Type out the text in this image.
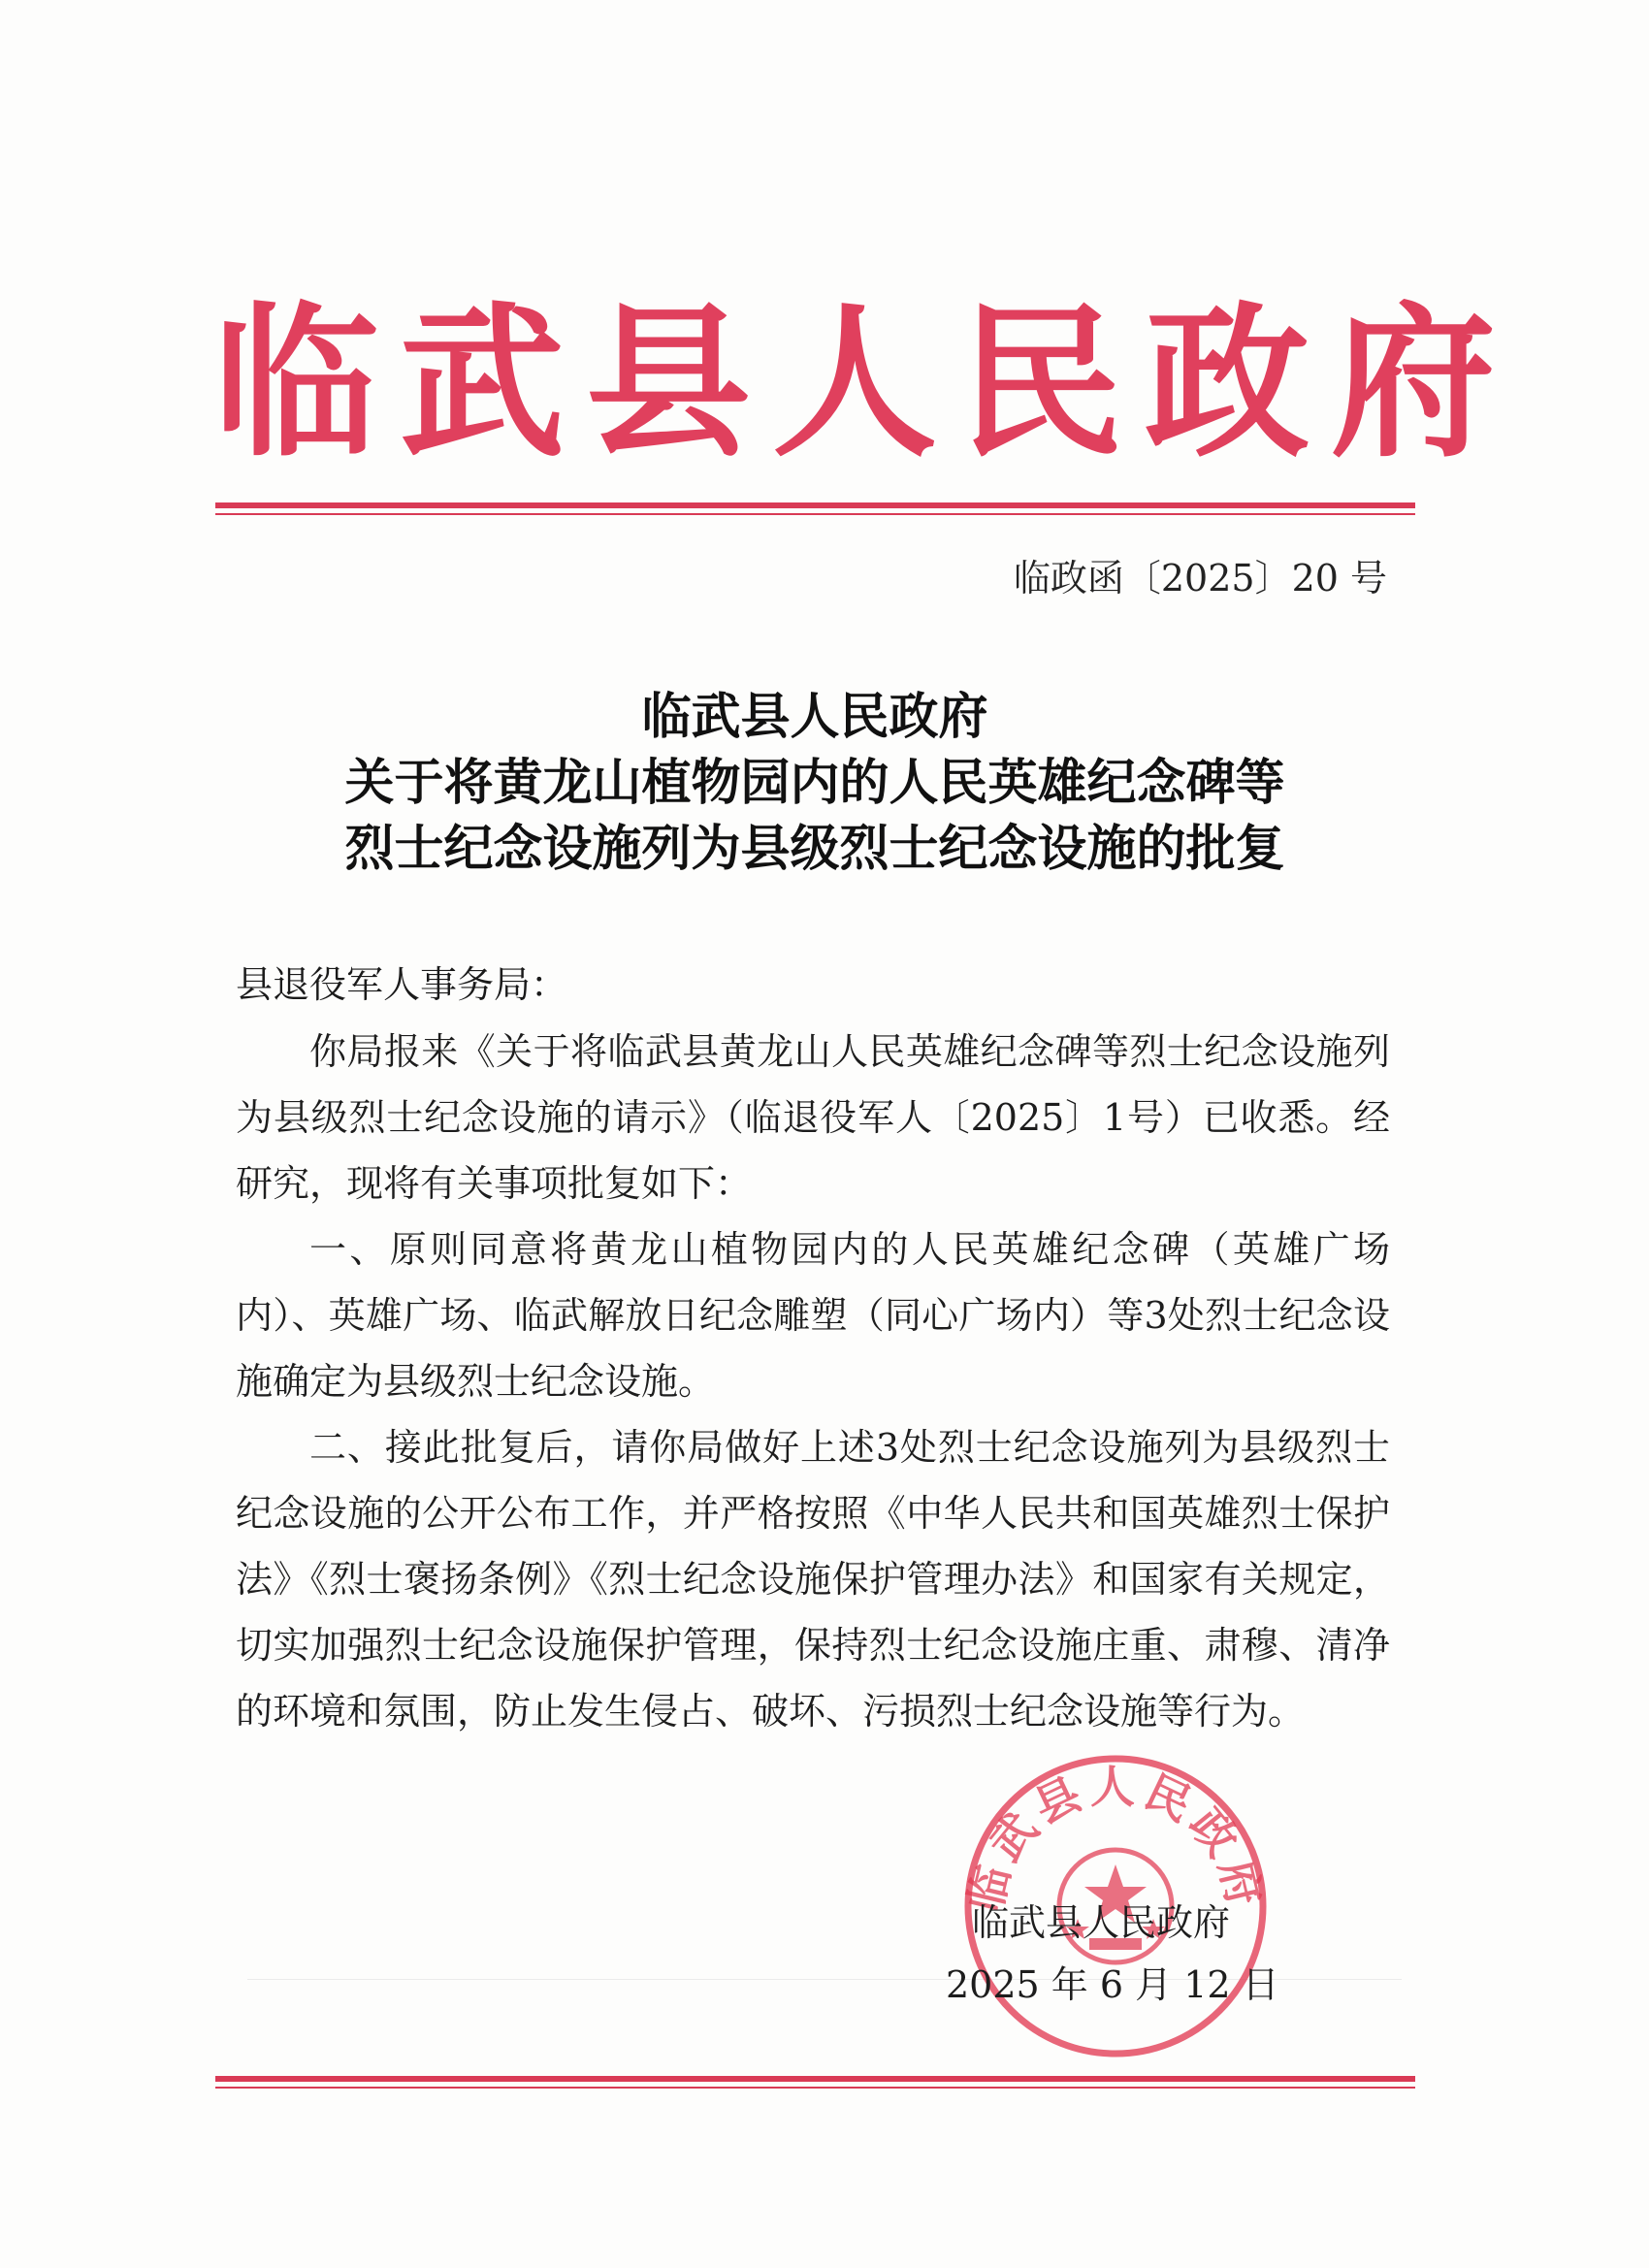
临武县人民政府
临政函〔2025〕20 号
临武县人民政府
关于将黄龙山植物园内的人民英雄纪念碑等
烈士纪念设施列为县级烈士纪念设施的批复
县退役军人事务局：

你局报来《关于将临武县黄龙山人民英雄纪念碑等烈士纪念设施列为县级烈士纪念设施的请示》（临退役军人〔2025〕1号）已收悉。经研究，现将有关事项批复如下：

一、原则同意将黄龙山植物园内的人民英雄纪念碑（英雄广场内）、英雄广场、临武解放日纪念雕塑（同心广场内）等3处烈士纪念设施确定为县级烈士纪念设施。

二、接此批复后，请你局做好上述3处烈士纪念设施列为县级烈士纪念设施的公开公布工作，并严格按照《中华人民共和国英雄烈士保护法》《烈士褒扬条例》《烈士纪念设施保护管理办法》和国家有关规定，切实加强烈士纪念设施保护管理，保持烈士纪念设施庄重、肃穆、清净的环境和氛围，防止发生侵占、破坏、污损烈士纪念设施等行为。

临武县人民政府
临武县人民政府
2025 年 6 月 12 日
